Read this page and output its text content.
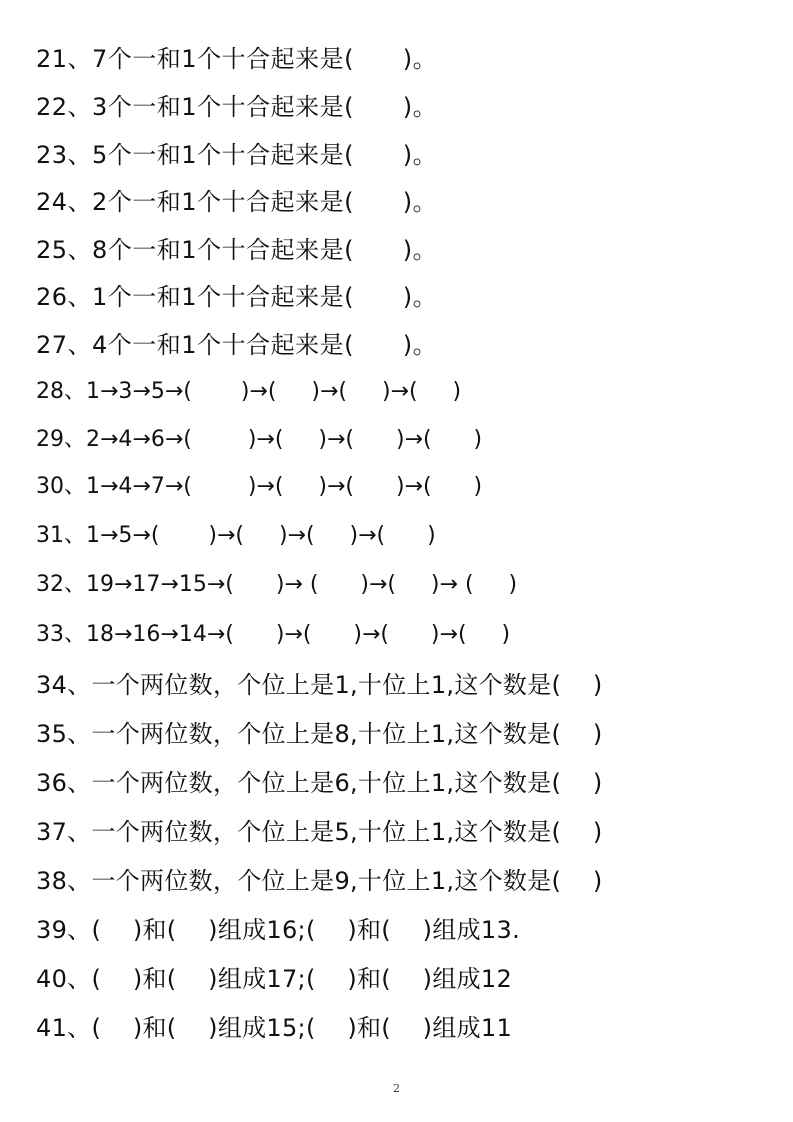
21、7个一和1个十合起来是(      )。
22、3个一和1个十合起来是(      )。
23、5个一和1个十合起来是(      )。
24、2个一和1个十合起来是(      )。
25、8个一和1个十合起来是(      )。
26、1个一和1个十合起来是(      )。
27、4个一和1个十合起来是(      )。
28、1→3→5→(       )→(     )→(     )→(     )
29、2→4→6→(        )→(     )→(      )→(      )
30、1→4→7→(        )→(     )→(      )→(      )
31、1→5→(       )→(     )→(     )→(      )
32、19→17→15→(      )→ (      )→(     )→ (     )
33、18→16→14→(      )→(      )→(      )→(     )
34、一个两位数，个位上是1,十位上1,这个数是(    )
35、一个两位数，个位上是8,十位上1,这个数是(    )
36、一个两位数，个位上是6,十位上1,这个数是(    )
37、一个两位数，个位上是5,十位上1,这个数是(    )
38、一个两位数，个位上是9,十位上1,这个数是(    )
39、(    )和(    )组成16;(    )和(    )组成13.
40、(    )和(    )组成17;(    )和(    )组成12
41、(    )和(    )组成15;(    )和(    )组成11
2
